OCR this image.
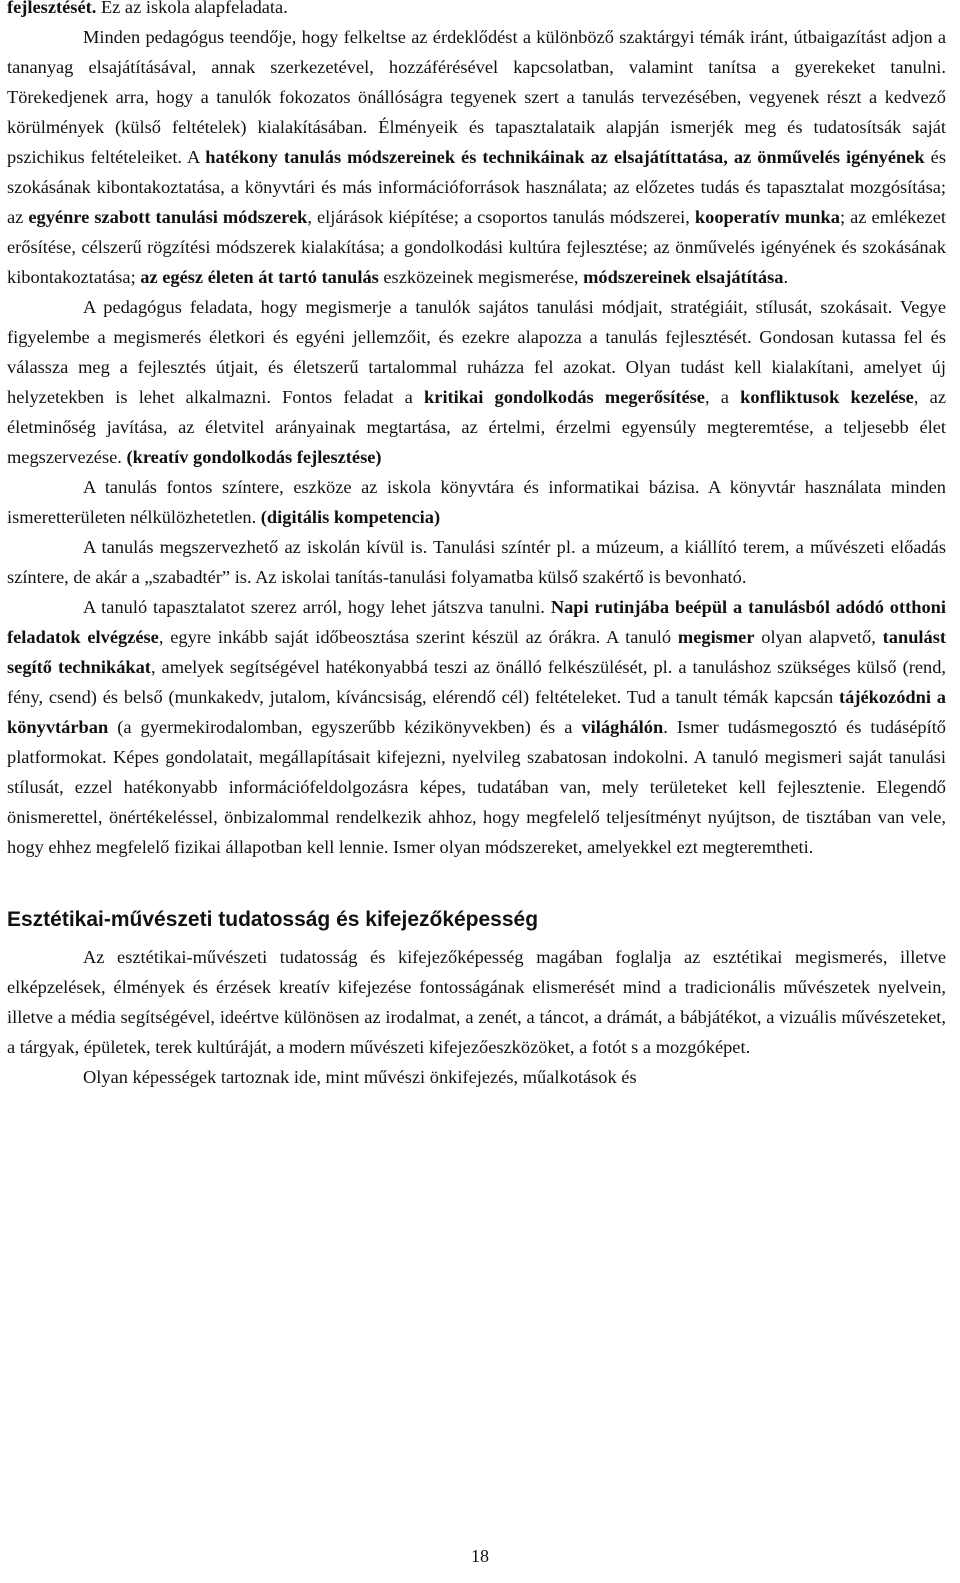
fejlesztését. Ez az iskola alapfeladata.

Minden pedagógus teendője, hogy felkeltse az érdeklődést a különböző szaktárgyi témák iránt, útbaigazítást adjon a tananyag elsajátításával, annak szerkezetével, hozzáférésével kapcsolatban, valamint tanítsa a gyerekeket tanulni. Törekedjenek arra, hogy a tanulók fokozatos önállóságra tegyenek szert a tanulás tervezésében, vegyenek részt a kedvező körülmények (külső feltételek) kialakításában. Élményeik és tapasztalataik alapján ismerjék meg és tudatosítsák saját pszichikus feltételeiket. A hatékony tanulás módszereinek és technikáinak az elsajátíttatása, az önművelés igényének és szokásának kibontakoztatása, a könyvtári és más információforrások használata; az előzetes tudás és tapasztalat mozgósítása; az egyénre szabott tanulási módszerek, eljárások kiépítése; a csoportos tanulás módszerei, kooperatív munka; az emlékezet erősítése, célszerű rögzítési módszerek kialakítása; a gondolkodási kultúra fejlesztése; az önművelés igényének és szokásának kibontakoztatása; az egész életen át tartó tanulás eszközeinek megismerése, módszereinek elsajátítása.

A pedagógus feladata, hogy megismerje a tanulók sajátos tanulási módjait, stratégiáit, stílusát, szokásait. Vegye figyelembe a megismerés életkori és egyéni jellemzőit, és ezekre alapozza a tanulás fejlesztését. Gondosan kutassa fel és válassza meg a fejlesztés útjait, és életszerű tartalommal ruházza fel azokat. Olyan tudást kell kialakítani, amelyet új helyzetekben is lehet alkalmazni. Fontos feladat a kritikai gondolkodás megerősítése, a konfliktusok kezelése, az életminőség javítása, az életvitel arányainak megtartása, az értelmi, érzelmi egyensúly megteremtése, a teljesebb élet megszervezése. (kreatív gondolkodás fejlesztése)

A tanulás fontos színtere, eszköze az iskola könyvtára és informatikai bázisa. A könyvtár használata minden ismeretterületen nélkülözhetetlen. (digitális kompetencia)

A tanulás megszervezhető az iskolán kívül is. Tanulási színtér pl. a múzeum, a kiállító terem, a művészeti előadás színtere, de akár a „szabadtér” is. Az iskolai tanítás-tanulási folyamatba külső szakértő is bevonható.

A tanuló tapasztalatot szerez arról, hogy lehet játszva tanulni. Napi rutinjába beépül a tanulásból adódó otthoni feladatok elvégzése, egyre inkább saját időbeosztása szerint készül az órákra. A tanuló megismer olyan alapvető, tanulást segítő technikákat, amelyek segítségével hatékonyabbá teszi az önálló felkészülését, pl. a tanuláshoz szükséges külső (rend, fény, csend) és belső (munkakedv, jutalom, kíváncsiság, elérendő cél) feltételeket. Tud a tanult témák kapcsán tájékozódni a könyvtárban (a gyermekirodalomban, egyszerűbb kézikönyvekben) és a világhálón. Ismer tudásmegosztó és tudásépítő platformokat. Képes gondolatait, megállapításait kifejezni, nyelvileg szabatosan indokolni. A tanuló megismeri saját tanulási stílusát, ezzel hatékonyabb információfeldolgozásra képes, tudatában van, mely területeket kell fejlesztenie. Elegendő önismerettel, önértékeléssel, önbizalommal rendelkezik ahhoz, hogy megfelelő teljesítményt nyújtson, de tisztában van vele, hogy ehhez megfelelő fizikai állapotban kell lennie. Ismer olyan módszereket, amelyekkel ezt megteremtheti.

Esztétikai-művészeti tudatosság és kifejezőképesség

Az esztétikai-művészeti tudatosság és kifejezőképesség magában foglalja az esztétikai megismerés, illetve elképzelések, élmények és érzések kreatív kifejezése fontosságának elismerését mind a tradicionális művészetek nyelvein, illetve a média segítségével, ideértve különösen az irodalmat, a zenét, a táncot, a drámát, a bábjátékot, a vizuális művészeteket, a tárgyak, épületek, terek kultúráját, a modern művészeti kifejezőeszközöket, a fotót s a mozgóképet.

Olyan képességek tartoznak ide, mint művészi önkifejezés, műalkotások és

18
